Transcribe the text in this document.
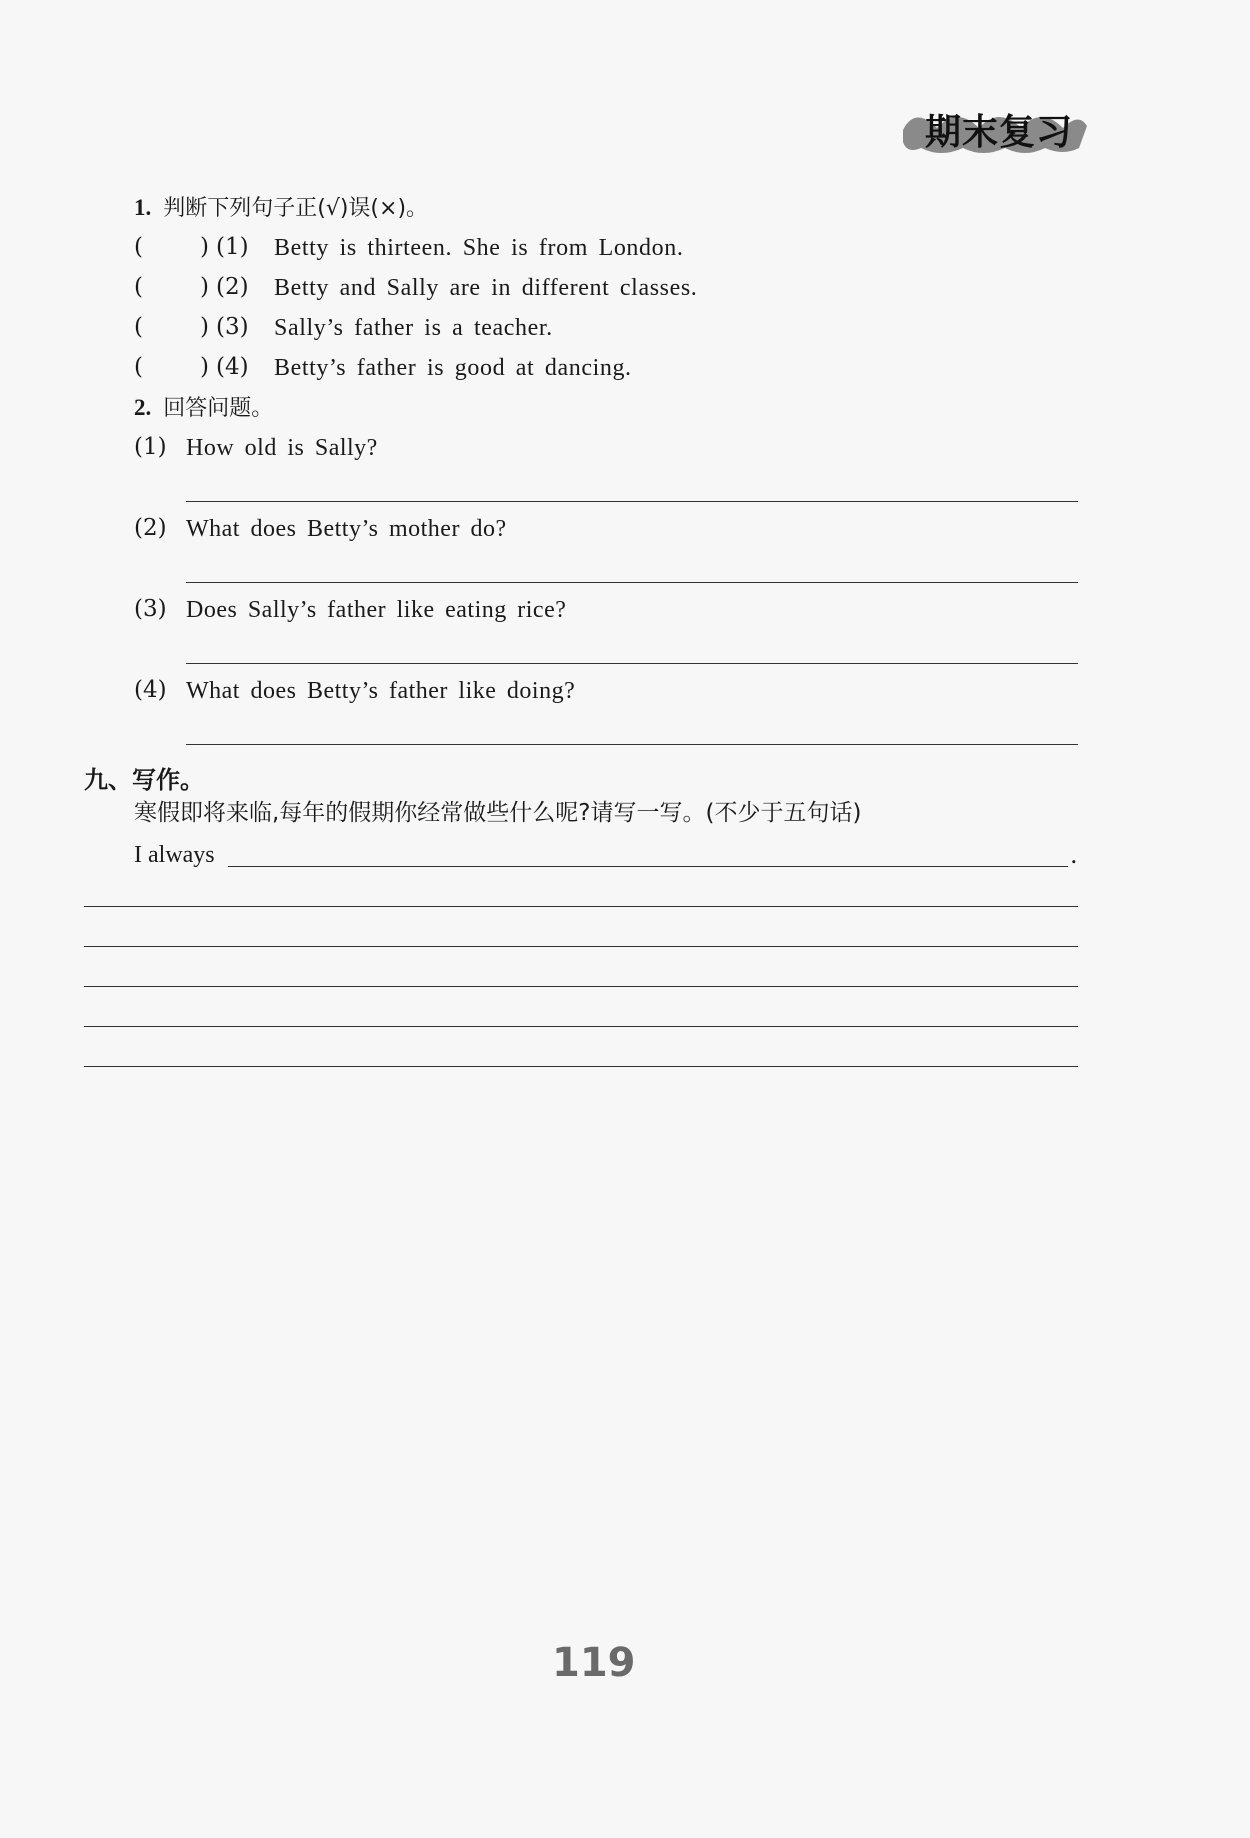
期末复习
1. 判断下列句子正(√)误(×)。
( ) (1) Betty is thirteen. She is from London.
( ) (2) Betty and Sally are in different classes.
( ) (3) Sally’s father is a teacher.
( ) (4) Betty’s father is good at dancing.
2. 回答问题。
(1) How old is Sally?
(2) What does Betty’s mother do?
(3) Does Sally’s father like eating rice?
(4) What does Betty’s father like doing?
九、写作。
寒假即将来临,每年的假期你经常做些什么呢?请写一写。(不少于五句话)
I always	.
119
